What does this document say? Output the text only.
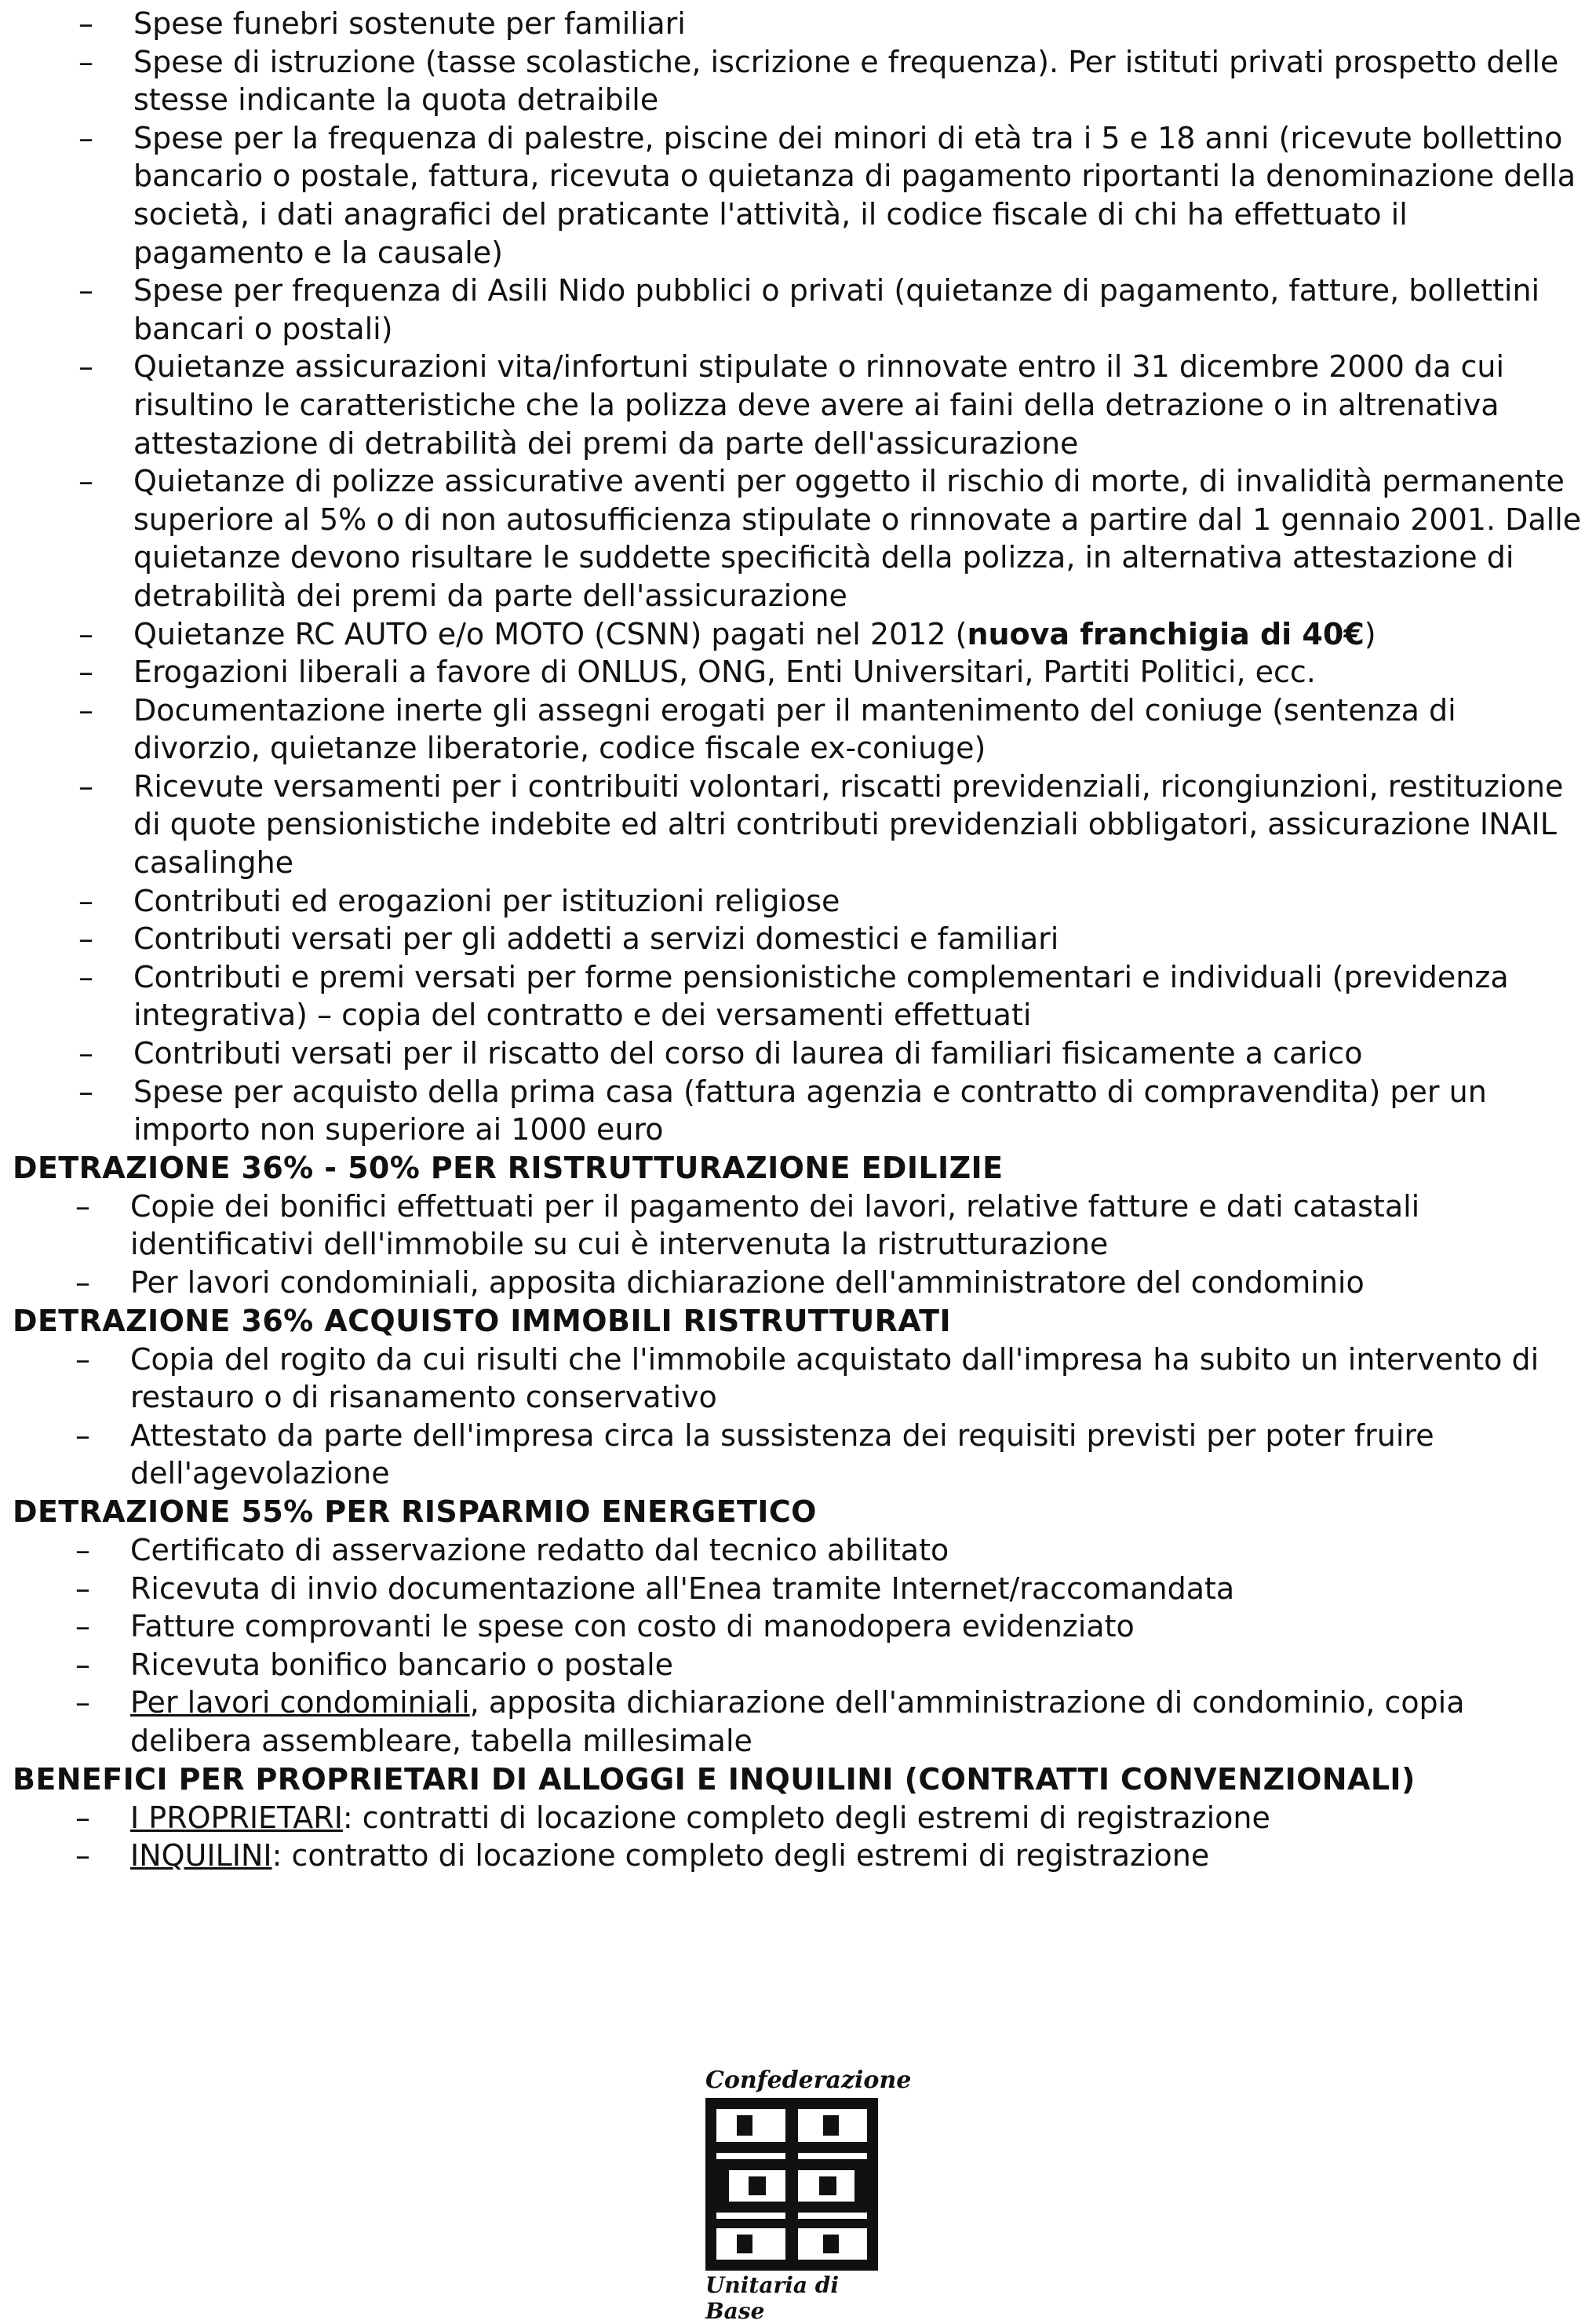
– Spese funebri sostenute per familiari
– Spese di istruzione (tasse scolastiche, iscrizione e frequenza). Per istituti privati prospetto delle stesse indicante la quota detraibile
– Spese per la frequenza di palestre, piscine dei minori di età tra i 5 e 18 anni (ricevute bollettino bancario o postale, fattura, ricevuta o quietanza di pagamento riportanti la denominazione della società, i dati anagrafici del praticante l'attività, il codice fiscale di chi ha effettuato il pagamento e la causale)
– Spese per frequenza di Asili Nido pubblici o privati (quietanze di pagamento, fatture, bollettini bancari o postali)
– Quietanze assicurazioni vita/infortuni stipulate o rinnovate entro il 31 dicembre 2000 da cui risultino le caratteristiche che la polizza deve avere ai faini della detrazione o in altrenativa attestazione di detrabilità dei premi da parte dell'assicurazione
– Quietanze di polizze assicurative aventi per oggetto il rischio di morte, di invalidità permanente superiore al 5% o di non autosufficienza stipulate o rinnovate a partire dal 1 gennaio 2001. Dalle quietanze devono risultare le suddette specificità della polizza, in alternativa attestazione di detrabilità dei premi da parte dell'assicurazione
– Quietanze RC AUTO e/o MOTO (CSNN) pagati nel 2012 (nuova franchigia di 40€)
– Erogazioni liberali a favore di ONLUS, ONG, Enti Universitari, Partiti Politici, ecc.
– Documentazione inerte gli assegni erogati per il mantenimento del coniuge (sentenza di divorzio, quietanze liberatorie, codice fiscale ex-coniuge)
– Ricevute versamenti per i contribuiti volontari, riscatti previdenziali, ricongiunzioni, restituzione di quote pensionistiche indebite ed altri contributi previdenziali obbligatori, assicurazione INAIL casalinghe
– Contributi ed erogazioni per istituzioni religiose
– Contributi versati per gli addetti a servizi domestici e familiari
– Contributi e premi versati per forme pensionistiche complementari e individuali (previdenza integrativa) – copia del contratto e dei versamenti effettuati
– Contributi versati per il riscatto del corso di laurea di familiari fisicamente a carico
– Spese per acquisto della prima casa (fattura agenzia e contratto di compravendita) per un importo non superiore ai 1000 euro
DETRAZIONE 36% - 50% PER RISTRUTTURAZIONE EDILIZIE
– Copie dei bonifici effettuati per il pagamento dei lavori, relative fatture e dati catastali identificativi dell'immobile su cui è intervenuta la ristrutturazione
– Per lavori condominiali, apposita dichiarazione dell'amministratore del condominio
DETRAZIONE 36% ACQUISTO IMMOBILI RISTRUTTURATI
– Copia del rogito da cui risulti che l'immobile acquistato dall'impresa ha subito un intervento di restauro o di risanamento conservativo
– Attestato da parte dell'impresa circa la sussistenza dei requisiti previsti per poter fruire dell'agevolazione
DETRAZIONE 55% PER RISPARMIO ENERGETICO
– Certificato di asservazione redatto dal tecnico abilitato
– Ricevuta di invio documentazione all'Enea tramite Internet/raccomandata
– Fatture comprovanti le spese con costo di manodopera evidenziato
– Ricevuta bonifico bancario o postale
– Per lavori condominiali, apposita dichiarazione dell'amministrazione di condominio, copia delibera assembleare, tabella millesimale
BENEFICI PER PROPRIETARI DI ALLOGGI E INQUILINI (CONTRATTI CONVENZIONALI)
– I PROPRIETARI: contratti di locazione completo degli estremi di registrazione
– INQUILINI: contratto di locazione completo degli estremi di registrazione
Confederazione
Unitaria di Base
